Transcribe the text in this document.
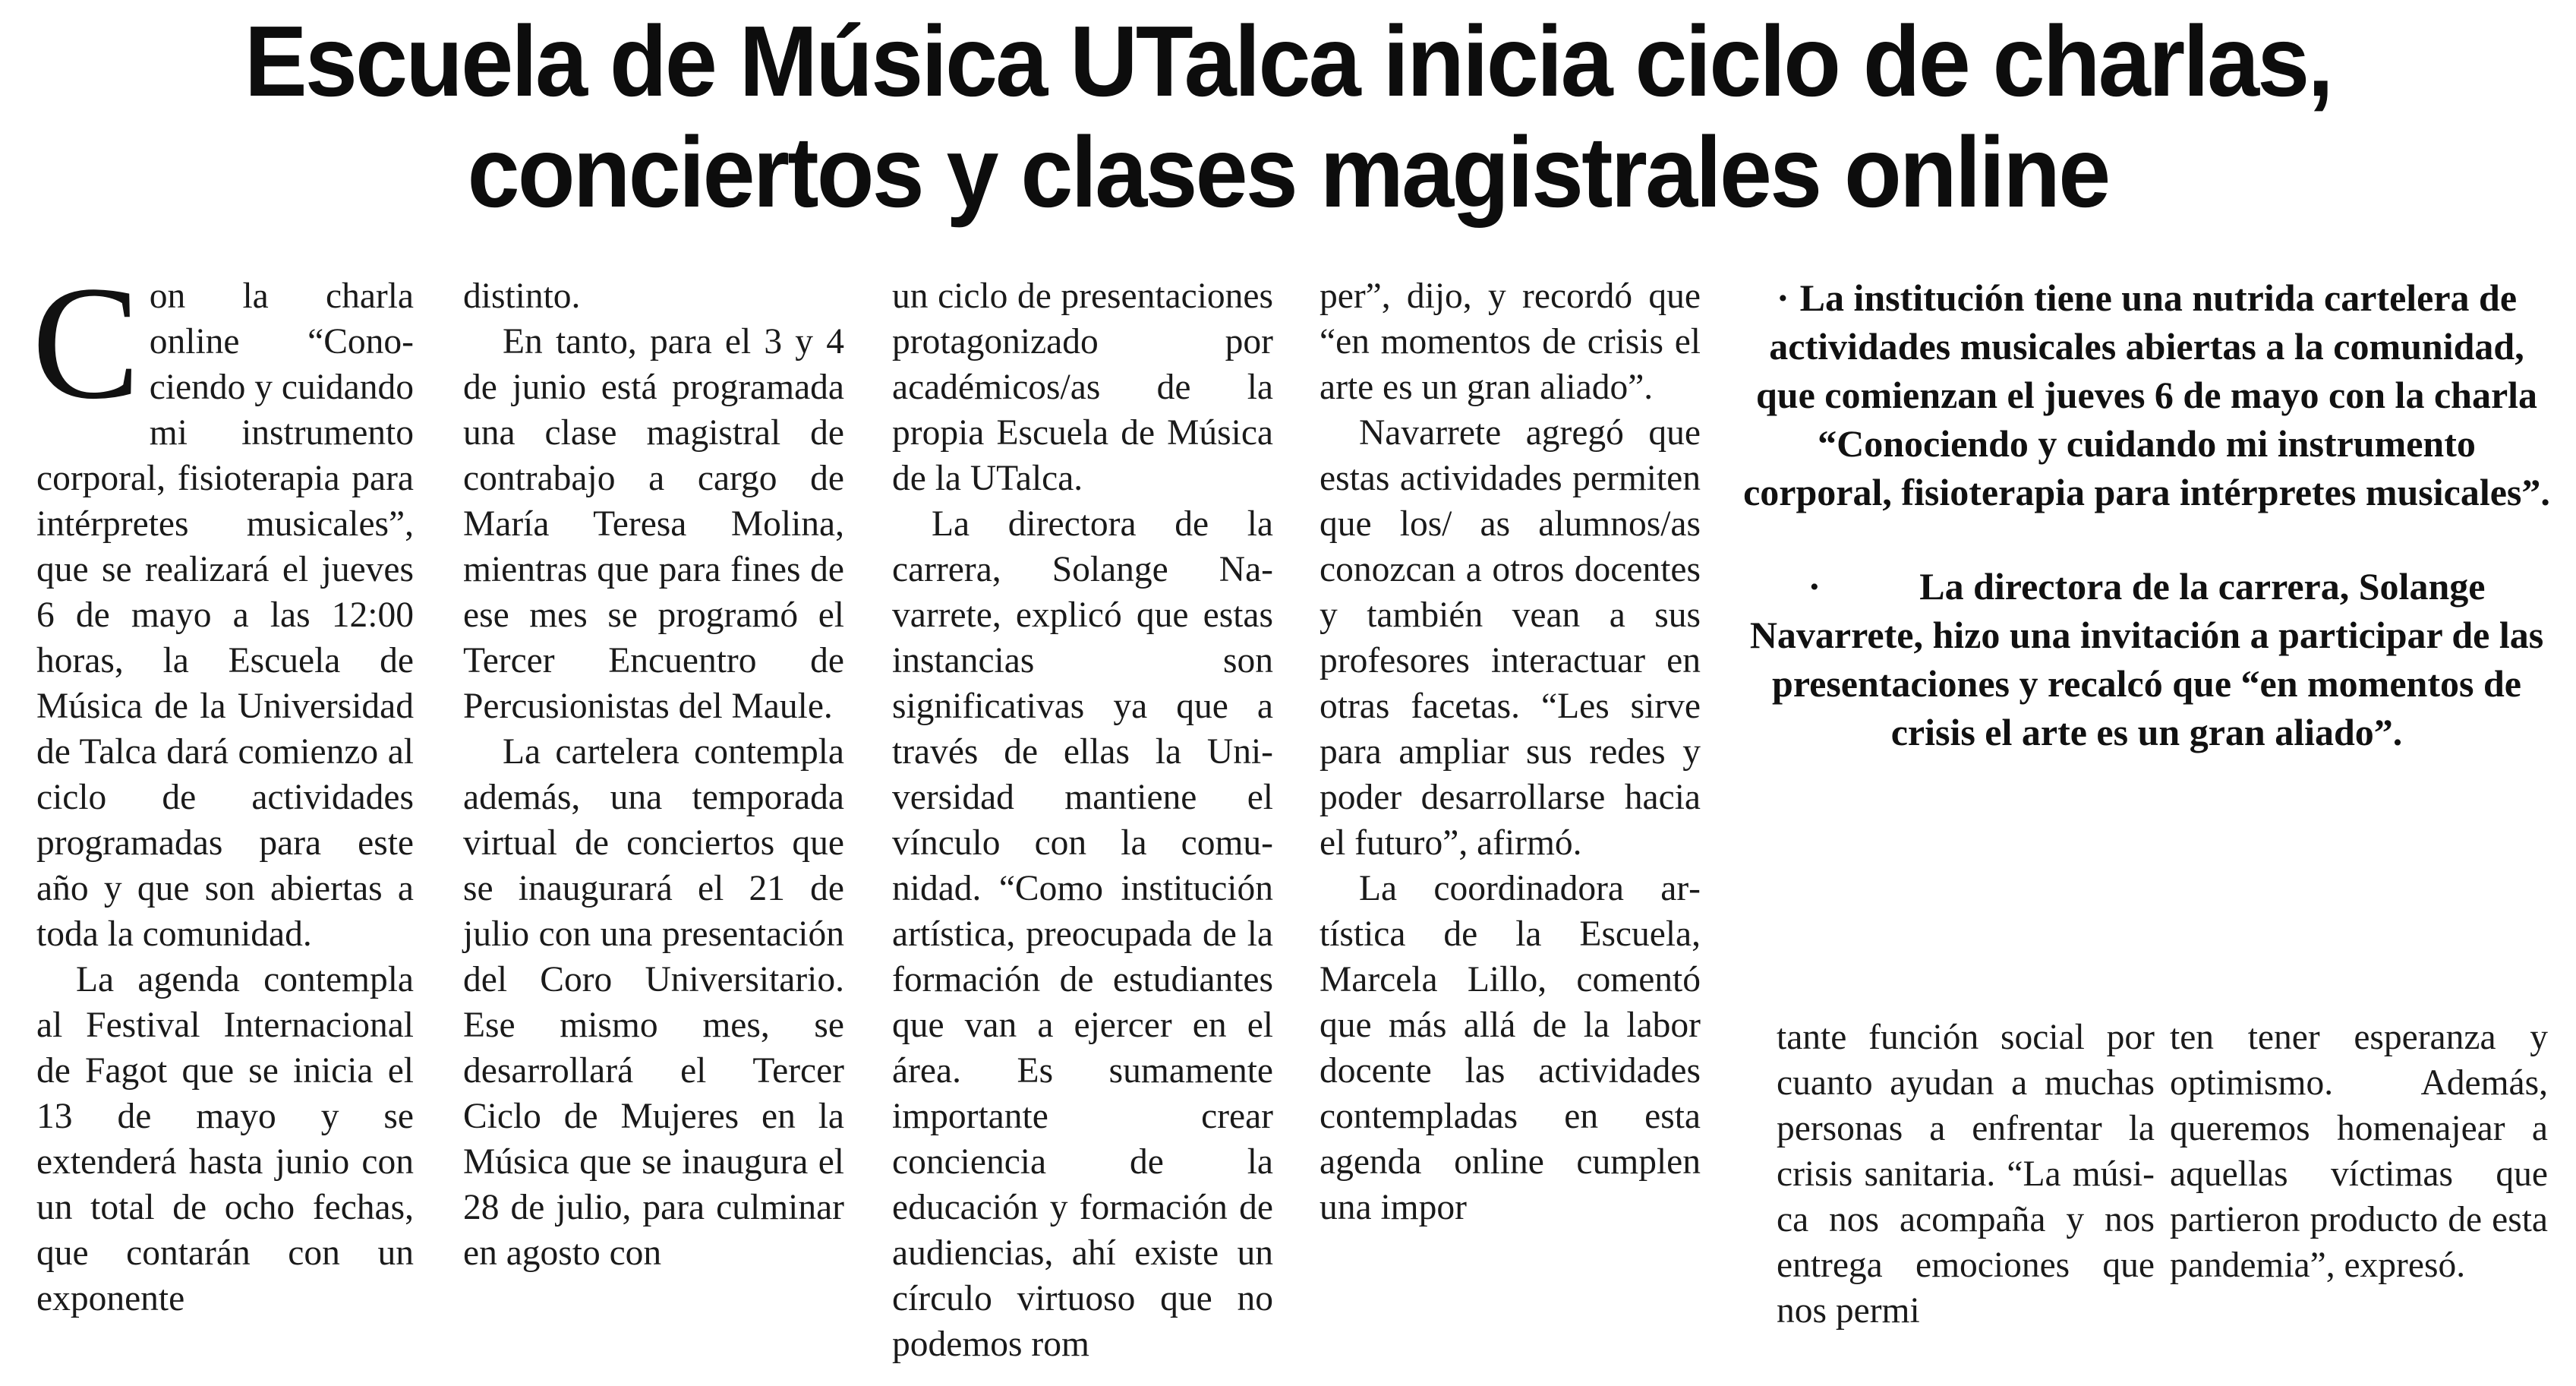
Escuela de Música UTalca inicia ciclo de charlas,
conciertos y clases magistrales online

Con la charla online “Conociendo y cuidando mi instrumento corporal, fisioterapia para intérpretes musicales”, que se realizará el jueves 6 de mayo a las 12:00 horas, la Escuela de Música de la Universidad de Talca dará comienzo al ciclo de actividades programadas para este año y que son abiertas a toda la comunidad.

La agenda contempla al Festival Internacional de Fagot que se inicia el 13 de mayo y se extenderá hasta junio con un total de ocho fechas, que contarán con un exponente

distinto.

En tanto, para el 3 y 4 de junio está programada una clase magistral de contrabajo a cargo de María Teresa Molina, mientras que para fines de ese mes se programó el Tercer Encuentro de Percusionistas del Maule.

La cartelera contempla además, una temporada virtual de conciertos que se inaugurará el 21 de julio con una presentación del Coro Universitario. Ese mismo mes, se desarrollará el Tercer Ciclo de Mujeres en la Música que se inaugura el 28 de julio, para culminar en agosto con

un ciclo de presentaciones protagonizado por académicos/as de la propia Escuela de Música de la UTalca.

La directora de la carrera, Solange Navarrete, explicó que estas instancias son significativas ya que a través de ellas la Universidad mantiene el vínculo con la comunidad. “Como institución artística, preocupada de la formación de estudiantes que van a ejercer en el área. Es sumamente importante crear conciencia de la educación y formación de audiencias, ahí existe un círculo virtuoso que no podemos rom

per”, dijo, y recordó que “en momentos de crisis el arte es un gran aliado”.

Navarrete agregó que estas actividades permiten que los/ as alumnos/as conozcan a otros docentes y también vean a sus profesores interactuar en otras facetas. “Les sirve para ampliar sus redes y poder desarrollarse hacia el futuro”, afirmó.

La coordinadora artística de la Escuela, Marcela Lillo, comentó que más allá de la labor docente las actividades contempladas en esta agenda online cumplen una impor

· La institución tiene una nutrida cartelera de actividades musicales abiertas a la comunidad, que comienzan el jueves 6 de mayo con la charla “Conociendo y cuidando mi instrumento corporal, fisioterapia para intérpretes musicales”.

·	La directora de la carrera, Solange Navarrete, hizo una invitación a participar de las presentaciones y recalcó que “en momentos de crisis el arte es un gran aliado”.

tante función social por cuanto ayudan a muchas personas a enfrentar la crisis sanitaria. “La música nos acompaña y nos entrega emociones que nos permi

ten tener esperanza y optimismo. Además, queremos homenajear a aquellas víctimas que partieron producto de esta pandemia”, expresó.
